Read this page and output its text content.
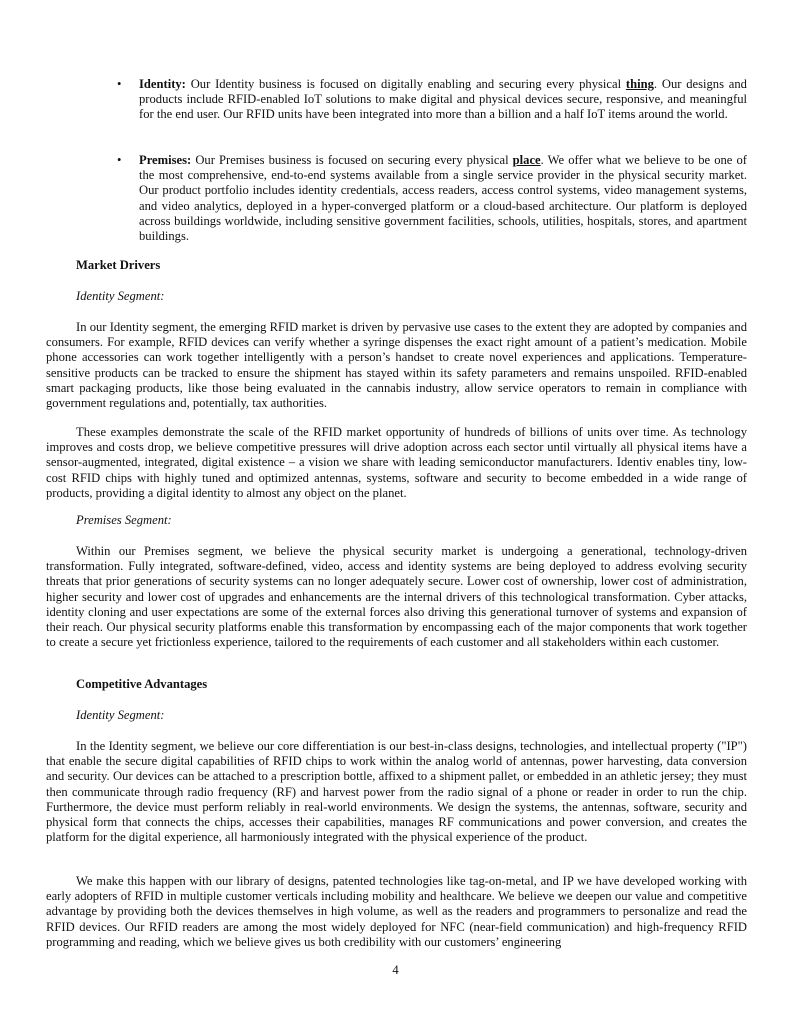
• Identity: Our Identity business is focused on digitally enabling and securing every physical thing. Our designs and products include RFID-enabled IoT solutions to make digital and physical devices secure, responsive, and meaningful for the end user. Our RFID units have been integrated into more than a billion and a half IoT items around the world.

• Premises: Our Premises business is focused on securing every physical place. We offer what we believe to be one of the most comprehensive, end-to-end systems available from a single service provider in the physical security market. Our product portfolio includes identity credentials, access readers, access control systems, video management systems, and video analytics, deployed in a hyper-converged platform or a cloud-based architecture. Our platform is deployed across buildings worldwide, including sensitive government facilities, schools, utilities, hospitals, stores, and apartment buildings.

Market Drivers

Identity Segment:

In our Identity segment, the emerging RFID market is driven by pervasive use cases to the extent they are adopted by companies and consumers. For example, RFID devices can verify whether a syringe dispenses the exact right amount of a patient’s medication. Mobile phone accessories can work together intelligently with a person’s handset to create novel experiences and applications. Temperature-sensitive products can be tracked to ensure the shipment has stayed within its safety parameters and remains unspoiled. RFID-enabled smart packaging products, like those being evaluated in the cannabis industry, allow service operators to remain in compliance with government regulations and, potentially, tax authorities.

These examples demonstrate the scale of the RFID market opportunity of hundreds of billions of units over time. As technology improves and costs drop, we believe competitive pressures will drive adoption across each sector until virtually all physical items have a sensor-augmented, integrated, digital existence – a vision we share with leading semiconductor manufacturers. Identiv enables tiny, low-cost RFID chips with highly tuned and optimized antennas, systems, software and security to become embedded in a wide range of products, providing a digital identity to almost any object on the planet.

Premises Segment:

Within our Premises segment, we believe the physical security market is undergoing a generational, technology-driven transformation. Fully integrated, software-defined, video, access and identity systems are being deployed to address evolving security threats that prior generations of security systems can no longer adequately secure. Lower cost of ownership, lower cost of administration, higher security and lower cost of upgrades and enhancements are the internal drivers of this technological transformation. Cyber attacks, identity cloning and user expectations are some of the external forces also driving this generational turnover of systems and expansion of their reach. Our physical security platforms enable this transformation by encompassing each of the major components that work together to create a secure yet frictionless experience, tailored to the requirements of each customer and all stakeholders within each customer.

Competitive Advantages

Identity Segment:

In the Identity segment, we believe our core differentiation is our best-in-class designs, technologies, and intellectual property ("IP") that enable the secure digital capabilities of RFID chips to work within the analog world of antennas, power harvesting, data conversion and security. Our devices can be attached to a prescription bottle, affixed to a shipment pallet, or embedded in an athletic jersey; they must then communicate through radio frequency (RF) and harvest power from the radio signal of a phone or reader in order to run the chip. Furthermore, the device must perform reliably in real-world environments. We design the systems, the antennas, software, security and physical form that connects the chips, accesses their capabilities, manages RF communications and power conversion, and creates the platform for the digital experience, all harmoniously integrated with the physical experience of the product.

We make this happen with our library of designs, patented technologies like tag-on-metal, and IP we have developed working with early adopters of RFID in multiple customer verticals including mobility and healthcare. We believe we deepen our value and competitive advantage by providing both the devices themselves in high volume, as well as the readers and programmers to personalize and read the RFID devices. Our RFID readers are among the most widely deployed for NFC (near-field communication) and high-frequency RFID programming and reading, which we believe gives us both credibility with our customers’ engineering

4
